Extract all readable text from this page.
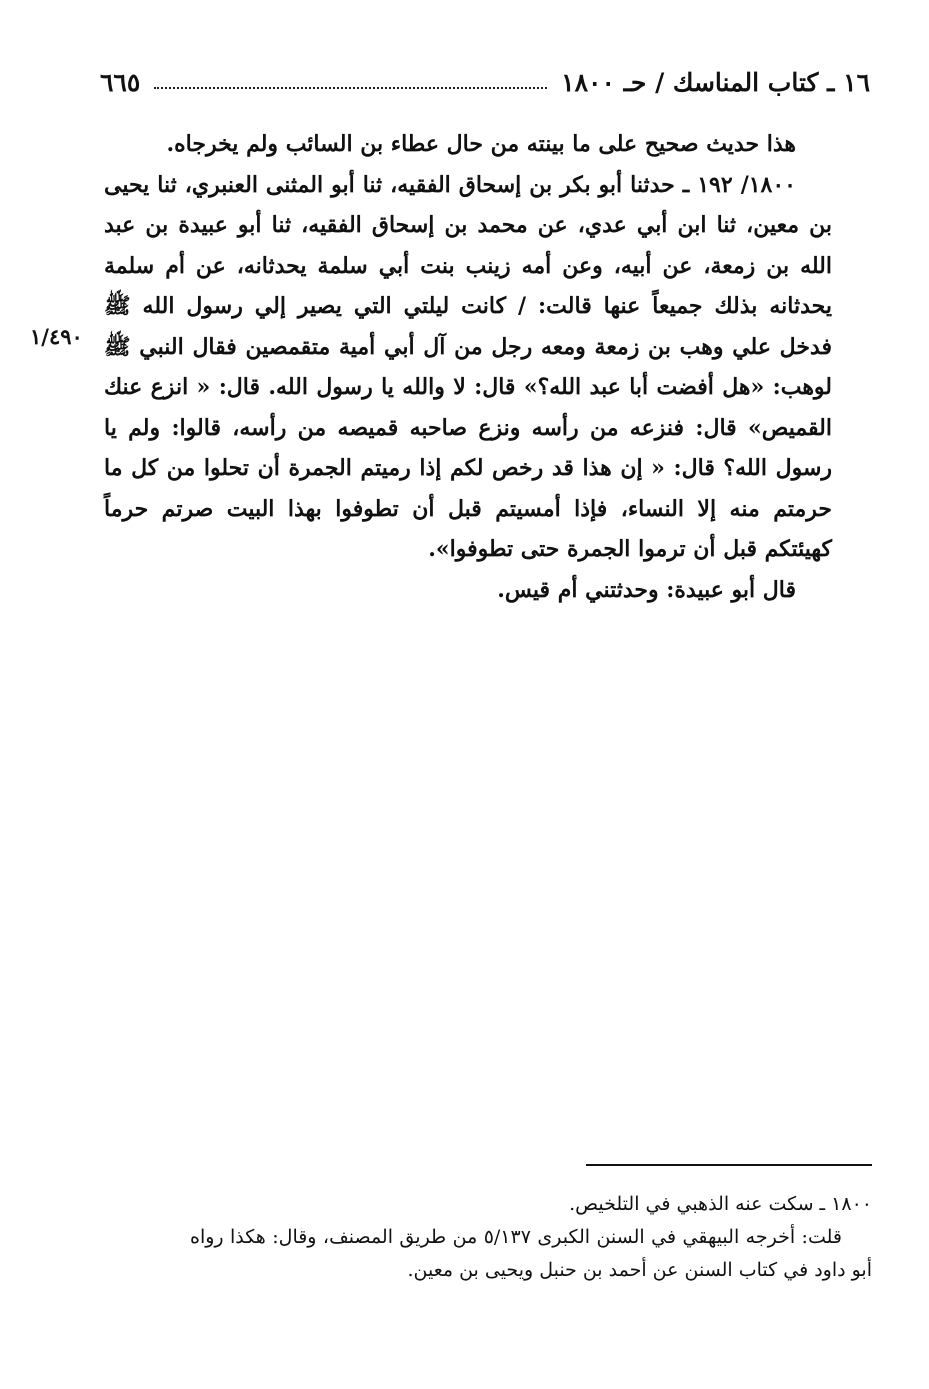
١٦ ـ كتاب المناسك / حـ ١٨٠٠
٦٦٥

هذا حديث صحيح على ما بينته من حال عطاء بن السائب ولم يخرجاه.

١٨٠٠/ ١٩٢ ـ حدثنا أبو بكر بن إسحاق الفقيه، ثنا أبو المثنى العنبري، ثنا يحيى بن معين، ثنا ابن أبي عدي، عن محمد بن إسحاق الفقيه، ثنا أبو عبيدة بن عبد الله بن زمعة، عن أبيه، وعن أمه زينب بنت أبي سلمة يحدثانه، عن أم سلمة يحدثانه بذلك جميعاً عنها قالت: / كانت ليلتي التي يصير إلي رسول الله ﷺ فدخل علي وهب بن زمعة ومعه رجل من آل أبي أمية متقمصين فقال النبي ﷺ لوهب: «هل أفضت أبا عبد الله؟» قال: لا والله يا رسول الله. قال: « انزع عنك القميص» قال: فنزعه من رأسه ونزع صاحبه قميصه من رأسه، قالوا: ولم يا رسول الله؟ قال: « إن هذا قد رخص لكم إذا رميتم الجمرة أن تحلوا من كل ما حرمتم منه إلا النساء، فإذا أمسيتم قبل أن تطوفوا بهذا البيت صرتم حرماً كهيئتكم قبل أن ترموا الجمرة حتى تطوفوا».

قال أبو عبيدة: وحدثتني أم قيس.

١/٤٩٠

١٨٠٠ ـ سكت عنه الذهبي في التلخيص.

قلت: أخرجه البيهقي في السنن الكبرى ٥/١٣٧ من طريق المصنف، وقال: هكذا رواه أبو داود في كتاب السنن عن أحمد بن حنبل ويحيى بن معين.
